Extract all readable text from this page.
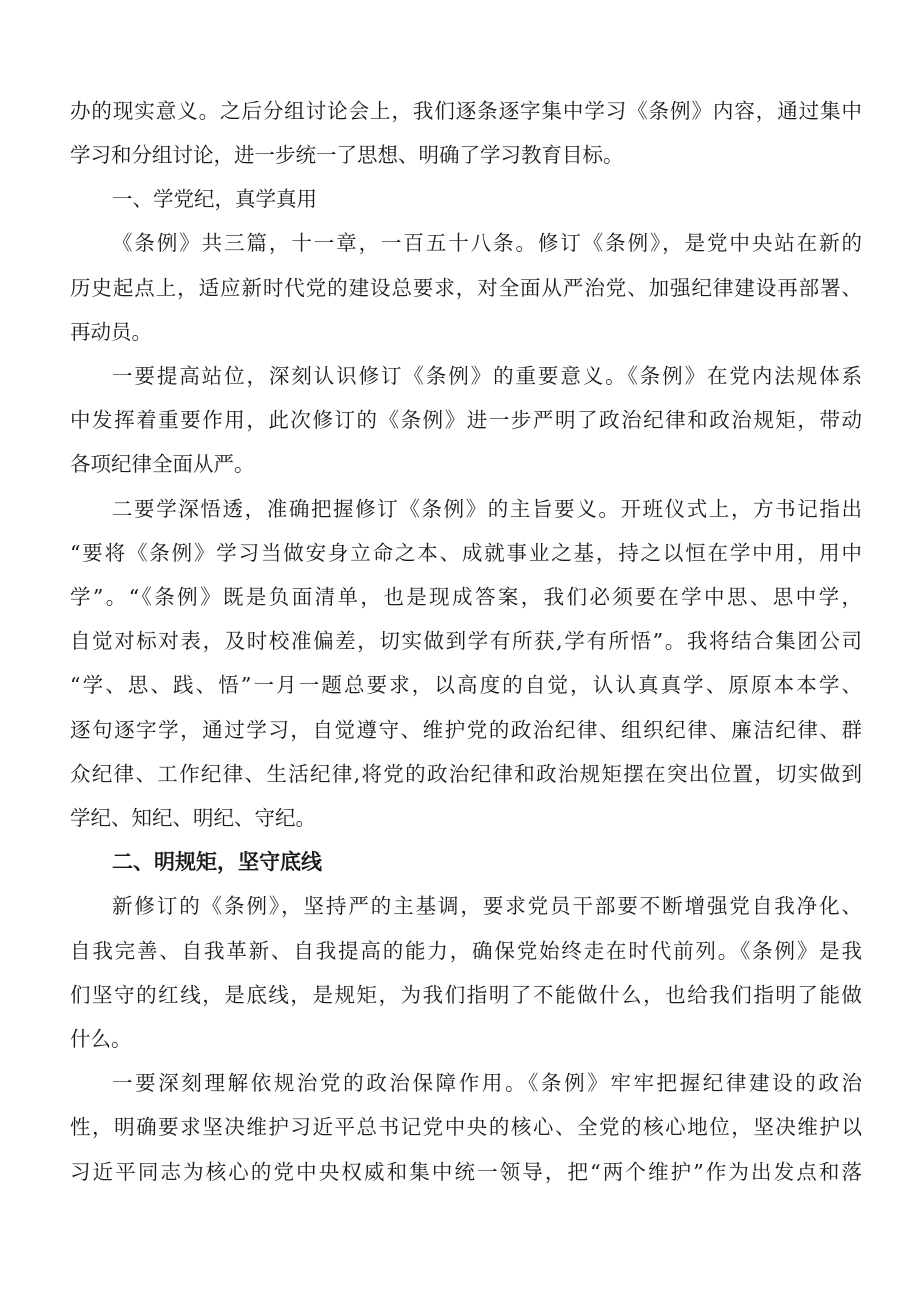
办的现实意义。之后分组讨论会上，我们逐条逐字集中学习《条例》内容，通过集中
学习和分组讨论，进一步统一了思想、明确了学习教育目标。
一、学党纪，真学真用
《条例》共三篇，十一章，一百五十八条。修订《条例》，是党中央站在新的
历史起点上，适应新时代党的建设总要求，对全面从严治党、加强纪律建设再部署、
再动员。
一要提高站位，深刻认识修订《条例》的重要意义。《条例》在党内法规体系
中发挥着重要作用，此次修订的《条例》进一步严明了政治纪律和政治规矩，带动
各项纪律全面从严。
二要学深悟透，准确把握修订《条例》的主旨要义。开班仪式上，方书记指出
“要将《条例》学习当做安身立命之本、成就事业之基，持之以恒在学中用，用中
学”。“《条例》既是负面清单，也是现成答案，我们必须要在学中思、思中学，
自觉对标对表，及时校准偏差，切实做到学有所获,学有所悟”。我将结合集团公司
“学、思、践、悟”一月一题总要求，以高度的自觉，认认真真学、原原本本学、
逐句逐字学，通过学习，自觉遵守、维护党的政治纪律、组织纪律、廉洁纪律、群
众纪律、工作纪律、生活纪律,将党的政治纪律和政治规矩摆在突出位置，切实做到
学纪、知纪、明纪、守纪。
二、明规矩，坚守底线
新修订的《条例》，坚持严的主基调，要求党员干部要不断增强党自我净化、
自我完善、自我革新、自我提高的能力，确保党始终走在时代前列。《条例》是我
们坚守的红线，是底线，是规矩，为我们指明了不能做什么，也给我们指明了能做
什么。
一要深刻理解依规治党的政治保障作用。《条例》牢牢把握纪律建设的政治
性，明确要求坚决维护习近平总书记党中央的核心、全党的核心地位，坚决维护以
习近平同志为核心的党中央权威和集中统一领导，把“两个维护”作为出发点和落
